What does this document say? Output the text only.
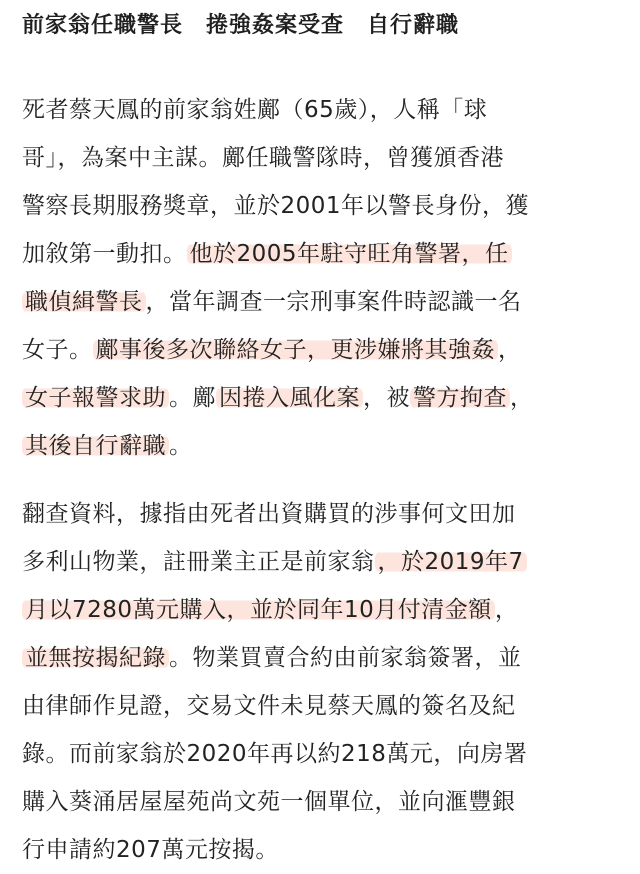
前家翁任職警長　捲強姦案受查　自行辭職
死者蔡天鳳的前家翁姓鄺（65歲），人稱「球
哥」，為案中主謀。鄺任職警隊時，曾獲頒香港
警察長期服務獎章，並於2001年以警長身份，獲
加敘第一動扣。 他於2005年駐守旺角警署，任
職偵緝警長 ，當年調查一宗刑事案件時認識一名
女子。 鄺事後多次聯絡女子，更涉嫌將其強姦 ，
女子報警求助 。鄺 因捲入風化案 ，被 警方拘查 ，
其後自行辭職 。
翻查資料，據指由死者出資購買的涉事何文田加
多利山物業，註冊業主正是前家翁 ，於2019年7
月以7280萬元購入，並於同年10月付清金額 ，
並無按揭紀錄 。物業買賣合約由前家翁簽署，並
由律師作見證，交易文件未見蔡天鳳的簽名及紀
錄。而前家翁於2020年再以約218萬元，向房署
購入葵涌居屋屋苑尚文苑一個單位，並向滙豐銀
行申請約207萬元按揭。
